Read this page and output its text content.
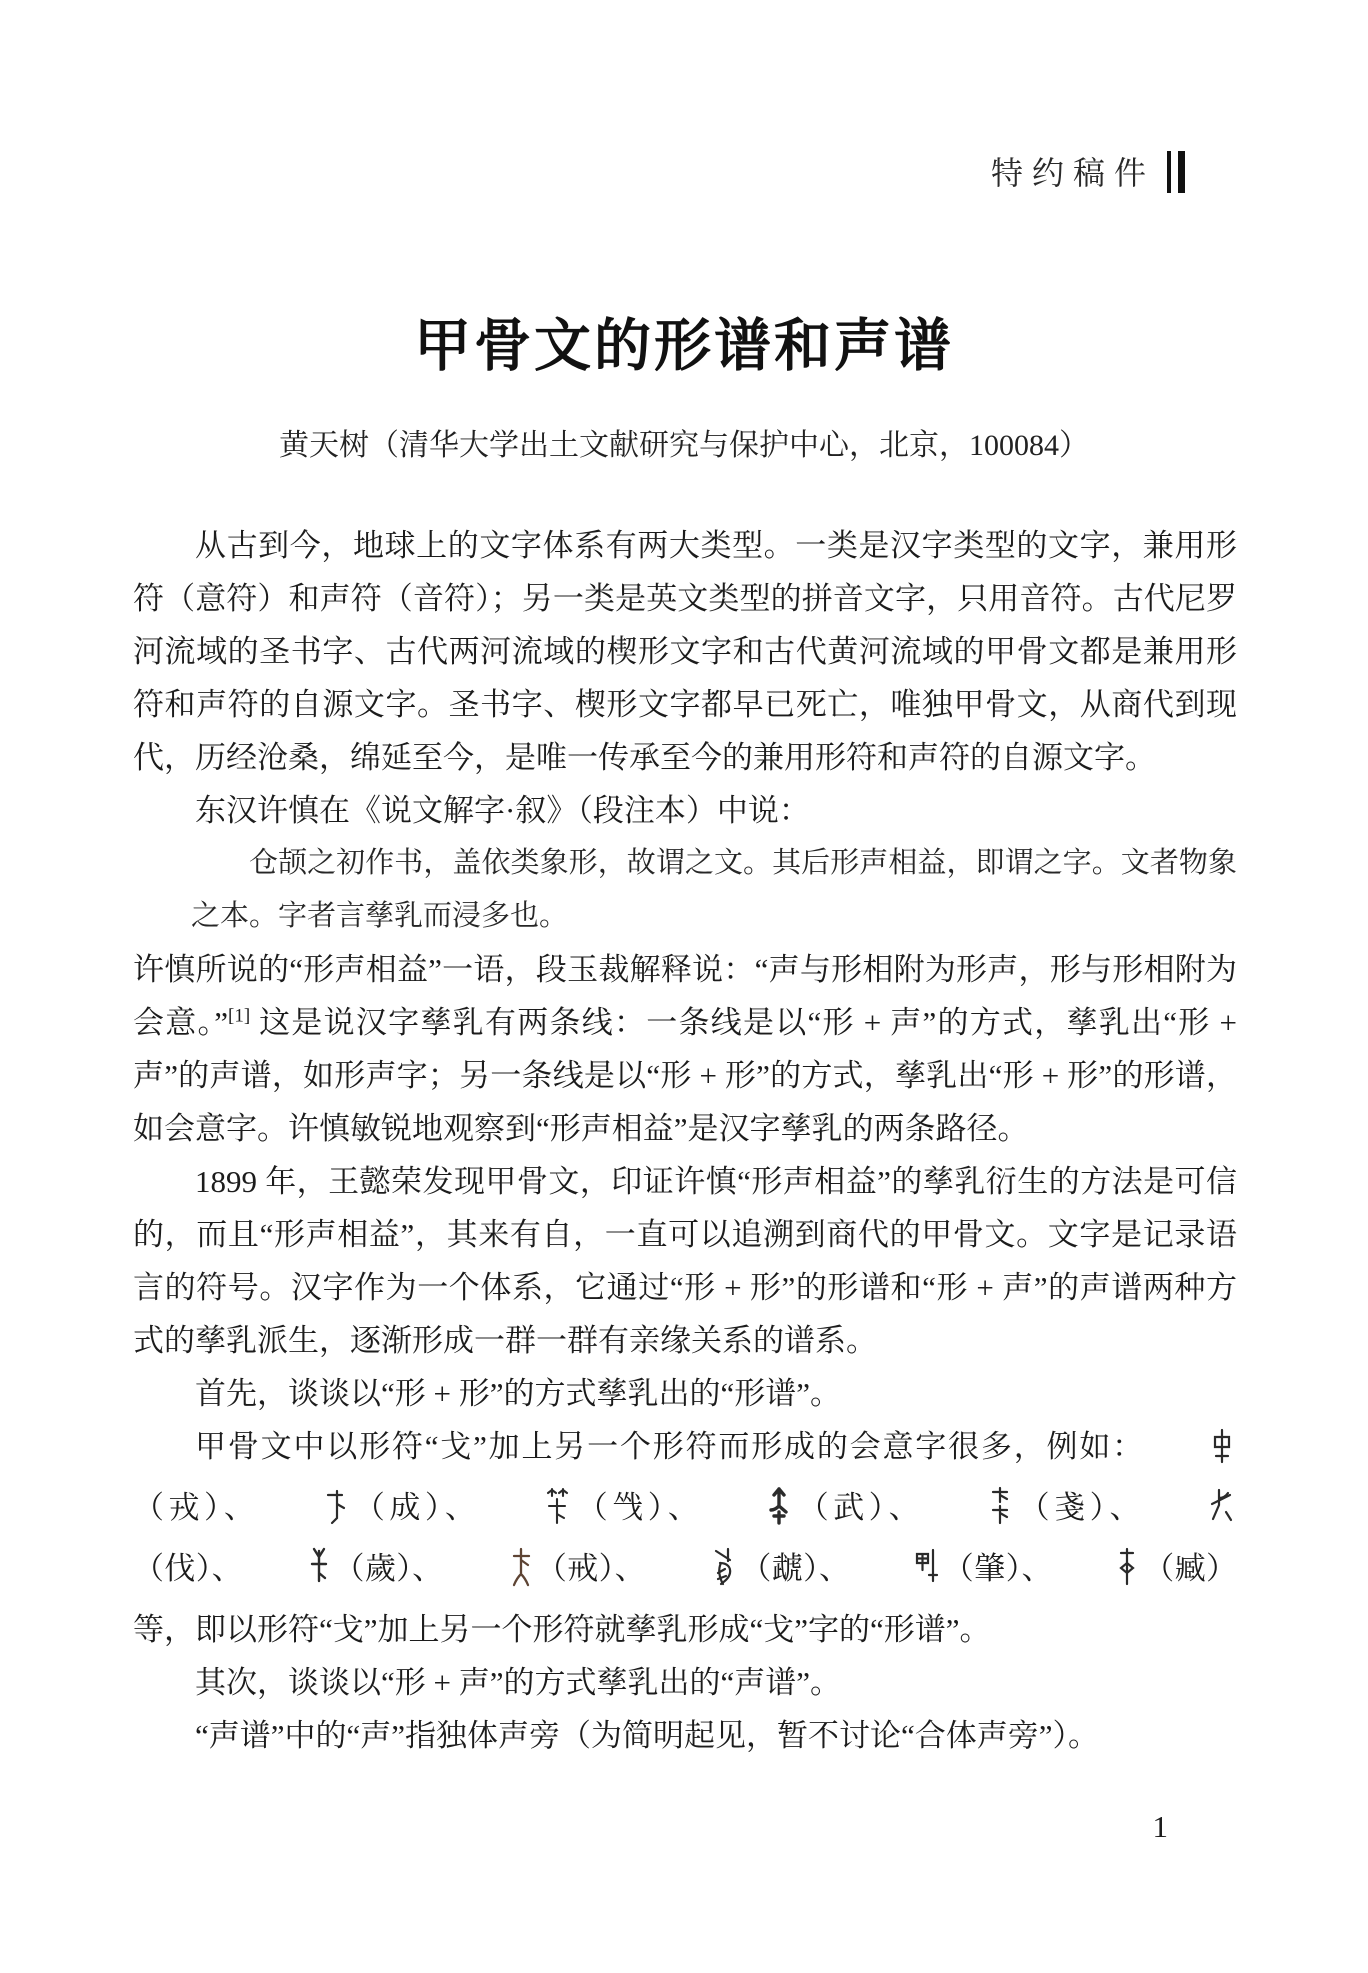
特约稿件
甲骨文的形谱和声谱
黄天树（清华大学出土文献研究与保护中心，北京，100084）

从古到今，地球上的文字体系有两大类型。一类是汉字类型的文字，兼用形符（意符）和声符（音符）；另一类是英文类型的拼音文字，只用音符。古代尼罗河流域的圣书字、古代两河流域的楔形文字和古代黄河流域的甲骨文都是兼用形符和声符的自源文字。圣书字、楔形文字都早已死亡，唯独甲骨文，从商代到现代，历经沧桑，绵延至今，是唯一传承至今的兼用形符和声符的自源文字。

东汉许慎在《说文解字·叙》（段注本）中说：

仓颉之初作书，盖依类象形，故谓之文。其后形声相益，即谓之字。文者物象之本。字者言孳乳而浸多也。

许慎所说的“形声相益”一语，段玉裁解释说：“声与形相附为形声，形与形相附为会意。”[1] 这是说汉字孳乳有两条线：一条线是以“形 + 声”的方式，孳乳出“形 + 声”的声谱，如形声字；另一条线是以“形 + 形”的方式，孳乳出“形 + 形”的形谱，如会意字。许慎敏锐地观察到“形声相益”是汉字孳乳的两条路径。

1899 年，王懿荣发现甲骨文，印证许慎“形声相益”的孳乳衍生的方法是可信的，而且“形声相益”，其来有自，一直可以追溯到商代的甲骨文。文字是记录语言的符号。汉字作为一个体系，它通过“形 + 形”的形谱和“形 + 声”的声谱两种方式的孳乳派生，逐渐形成一群一群有亲缘关系的谱系。

首先，谈谈以“形 + 形”的方式孳乳出的“形谱”。

甲骨文中以形符“戈”加上另一个形符而形成的会意字很多，例如：（戎）、	（成）、	（㦰）、	（武）、	（戔）、（伐）、	（歲）、	（戒）、	（虣）、	（肇）、	（臧）等，即以形符“戈”加上另一个形符就孳乳形成“戈”字的“形谱”。

其次，谈谈以“形 + 声”的方式孳乳出的“声谱”。

“声谱”中的“声”指独体声旁（为简明起见，暂不讨论“合体声旁”）。

1
